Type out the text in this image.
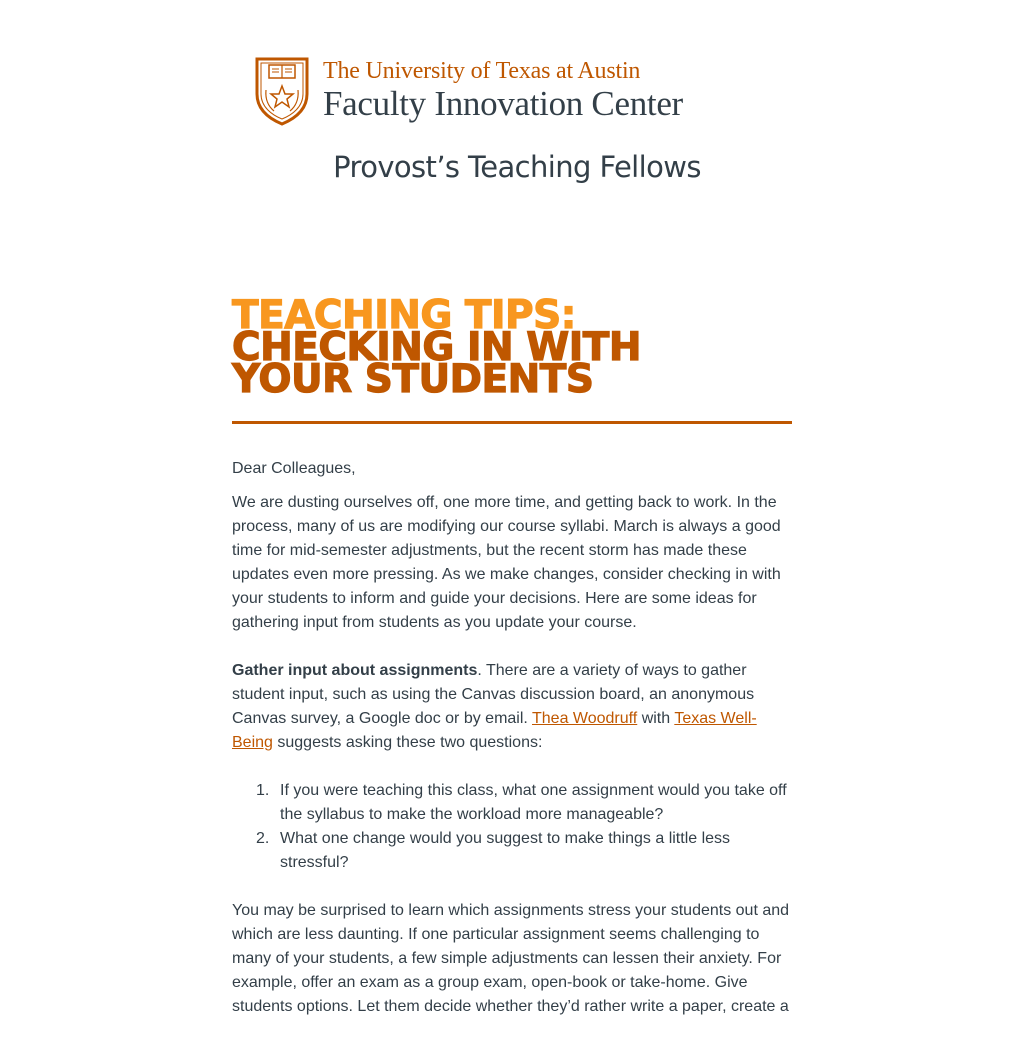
The University of Texas at Austin
Faculty Innovation Center
Provost’s Teaching Fellows
TEACHING TIPS:
CHECKING IN WITH
YOUR STUDENTS

Dear Colleagues,

We are dusting ourselves off, one more time, and getting back to work. In the process, many of us are modifying our course syllabi. March is always a good time for mid-semester adjustments, but the recent storm has made these updates even more pressing. As we make changes, consider checking in with your students to inform and guide your decisions. Here are some ideas for gathering input from students as you update your course.

Gather input about assignments. There are a variety of ways to gather student input, such as using the Canvas discussion board, an anonymous Canvas survey, a Google doc or by email. Thea Woodruff with Texas Well-Being suggests asking these two questions:

1. If you were teaching this class, what one assignment would you take off the syllabus to make the workload more manageable?
2. What one change would you suggest to make things a little less stressful?

You may be surprised to learn which assignments stress your students out and which are less daunting. If one particular assignment seems challenging to many of your students, a few simple adjustments can lessen their anxiety. For example, offer an exam as a group exam, open-book or take-home. Give students options. Let them decide whether they’d rather write a paper, create a
